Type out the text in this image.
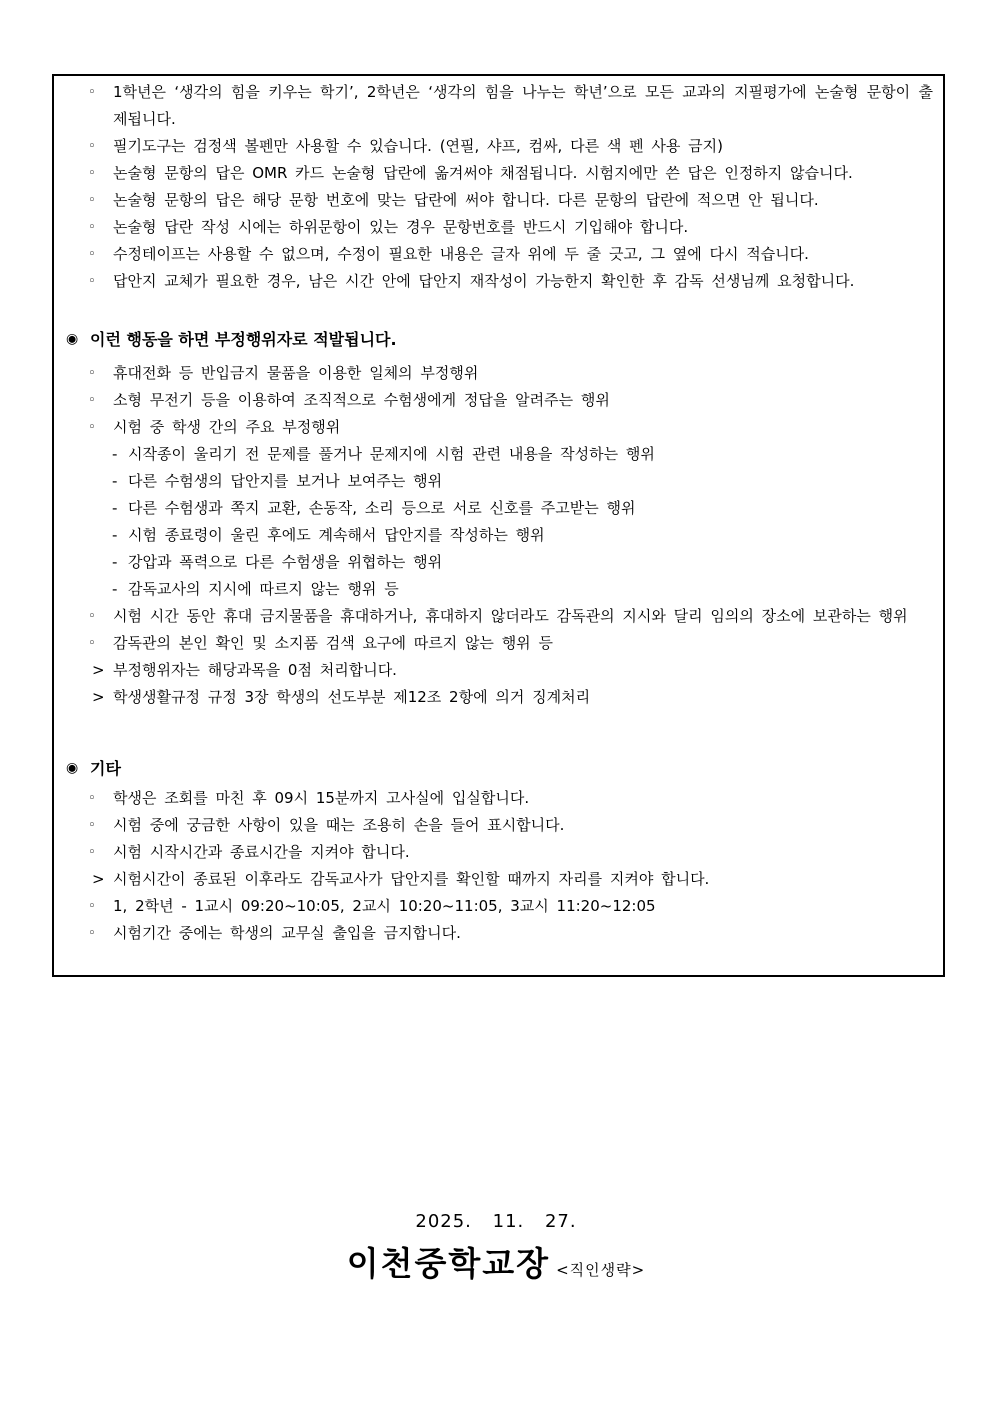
◦ 1학년은 ‘생각의 힘을 키우는 학기’, 2학년은 ‘생각의 힘을 나누는 학년’으로 모든 교과의 지필평가에 논술형 문항이 출제됩니다.
◦ 필기도구는 검정색 볼펜만 사용할 수 있습니다. (연필, 샤프, 컴싸, 다른 색 펜 사용 금지)
◦ 논술형 문항의 답은 OMR 카드 논술형 답란에 옮겨써야 채점됩니다. 시험지에만 쓴 답은 인정하지 않습니다.
◦ 논술형 문항의 답은 해당 문항 번호에 맞는 답란에 써야 합니다. 다른 문항의 답란에 적으면 안 됩니다.
◦ 논술형 답란 작성 시에는 하위문항이 있는 경우 문항번호를 반드시 기입해야 합니다.
◦ 수정테이프는 사용할 수 없으며, 수정이 필요한 내용은 글자 위에 두 줄 긋고, 그 옆에 다시 적습니다.
◦ 답안지 교체가 필요한 경우, 남은 시간 안에 답안지 재작성이 가능한지 확인한 후 감독 선생님께 요청합니다.
◉ 이런 행동을 하면 부정행위자로 적발됩니다.
◦ 휴대전화 등 반입금지 물품을 이용한 일체의 부정행위
◦ 소형 무전기 등을 이용하여 조직적으로 수험생에게 정답을 알려주는 행위
◦ 시험 중 학생 간의 주요 부정행위
- 시작종이 울리기 전 문제를 풀거나 문제지에 시험 관련 내용을 작성하는 행위
- 다른 수험생의 답안지를 보거나 보여주는 행위
- 다른 수험생과 쪽지 교환, 손동작, 소리 등으로 서로 신호를 주고받는 행위
- 시험 종료령이 울린 후에도 계속해서 답안지를 작성하는 행위
- 강압과 폭력으로 다른 수험생을 위협하는 행위
- 감독교사의 지시에 따르지 않는 행위 등
◦ 시험 시간 동안 휴대 금지물품을 휴대하거나, 휴대하지 않더라도 감독관의 지시와 달리 임의의 장소에 보관하는 행위
◦ 감독관의 본인 확인 및 소지품 검색 요구에 따르지 않는 행위 등
> 부정행위자는 해당과목을 0점 처리합니다.
> 학생생활규정 규정 3장 학생의 선도부분 제12조 2항에 의거 징계처리
◉ 기타
◦ 학생은 조회를 마친 후 09시 15분까지 고사실에 입실합니다.
◦ 시험 중에 궁금한 사항이 있을 때는 조용히 손을 들어 표시합니다.
◦ 시험 시작시간과 종료시간을 지켜야 합니다.
> 시험시간이 종료된 이후라도 감독교사가 답안지를 확인할 때까지 자리를 지켜야 합니다.
◦ 1, 2학년 - 1교시 09:20~10:05, 2교시 10:20~11:05, 3교시 11:20~12:05
◦ 시험기간 중에는 학생의 교무실 출입을 금지합니다.
2025. 11. 27.
이천중학교장 <직인생략>
